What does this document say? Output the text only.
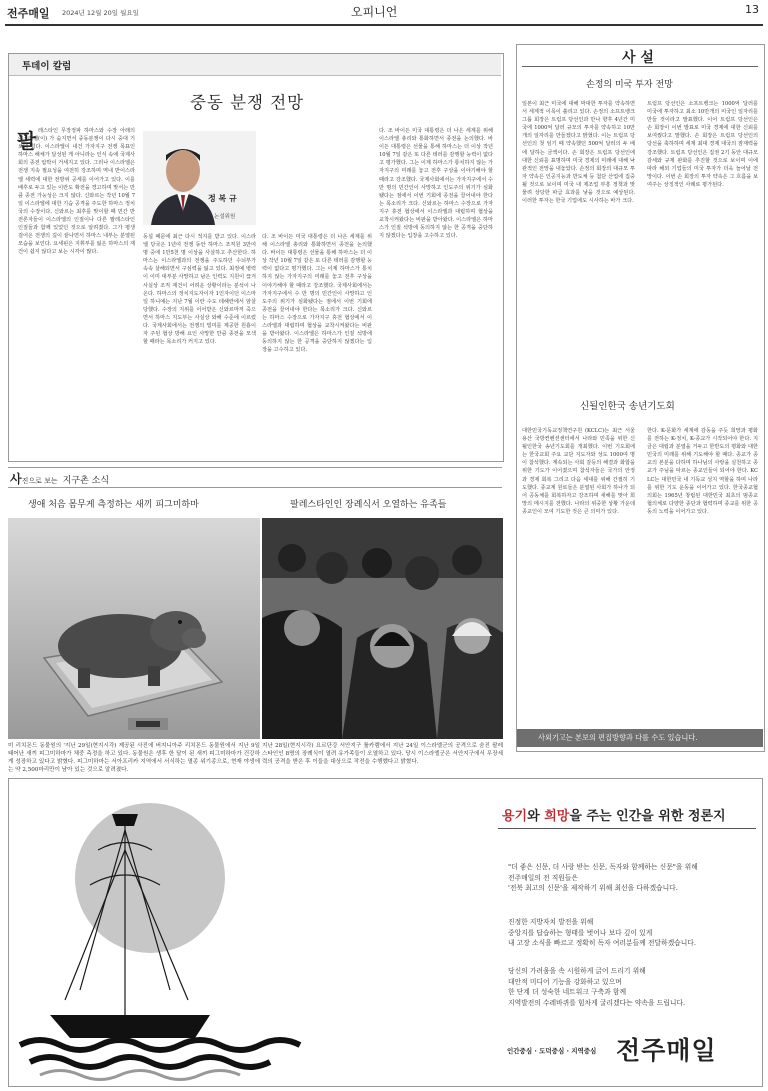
전주매일 2024년 12월 20일 월요일	오피니언	13
투데이 칼럼
중동 분쟁 전망
팔 레스타인 무장정파 하마스와 수장 아래의 이스라엘(이) 가 숨지면서 중동분쟁이 다시 중대 기로에 섰다. 이스라엘이 내건 가자지구 전쟁 목표인 하마스 해체가 달성된 게 아니라는 인식 속에 국제사회의 종전 압박이 거세지고 있다. 그러나 이스라엘은 전쟁 지속 필요성을 여전히 강조하며 역내 반이스라엘 세력에 대한 전방위 공세를 이어가고 있다. 이를 배후로 두고 있는 이란도 확전을 경고하며 맞서는 만큼 종전 가능성은 크지 않다. 신와르는 작년 10월 7일 이스라엘에 대한 기습 공격을 주도한 하마스 정치국의 수장이다. 신와르는 최후를 맞이할 때 민간 반전론자들이 이스라엘의 인질이나 다른 팔레스타인 인질들과 함께 있었던 것으로 알려졌다. 그가 평생 걸어온 전쟁의 길이 끝나면서 하마스 내부는 분열된 모습을 보인다. 요세핀은 지휘부를 잃은 하마스의 재건이 쉽지 않다고 보는 시각이 많다.
정 복 규
논설위원
동설 때문에 최근 다시 적지를 받고 있다. 이스라엘 당국은 1년여 전쟁 동안 하마스 조직원 3만여 명 중에 1만5천 명 이상을 사살하고 추산한다. 하마스는 이스라엘과의 전쟁을 주도하던 수뇌부가 속속 살해되면서 구심력을 잃고 있다. 최정예 병력이 이미 대부분 사망하고 남은 인력도 지원이 끊겨 사실상 조직 재건이 어려운 상황이라는 분석이 나온다. 하마스의 정치지도자이자 1인자이던 이스마일 하니예는 지난 7월 이란 수도 테헤란에서 암살당했다. 수장의 지위를 이어받은 신와르마저 죽으면서 하마스 지도부는 사실상 와해 수준에 이르렀다. 국제사회에서는 전쟁의 빌미를 제공한 원흉이자 주된 협상 방해 요인 사망한 만큼 종전을 모색할 때라는 목소리가 커지고 있다.
다. 조 바이든 미국 대통령은 더 나은 세계를 위해 이스라엘 총리와 통화하면서 종전을 논의했다. 바이든 대통령은 선물을 통해 하마스는 더 이상 작년 10월 7일 같은 또 다른 테러를 감행할 능력이 없다고 평가했다. 그는 이제 하마스가 통치하지 않는 가자지구의 미래를 놓고 전후 구상을 이야기해야 할 때라고 강조했다. 국제사회에서는 가자지구에서 수 만 명의 민간인이 사망하고 인도주의 위기가 심화됐다는 점에서 이번 기회에 종전을 끌어내야 한다는 목소리가 크다. 신와르는 하마스 수장으로 가자지구 휴전 협상에서 이스라엘과 대립하며 협상을 교착시켜왔다는 비판을 받아왔다. 이스라엘은 하마스가 인질 석방에 동의하지 않는 한 공격을 중단하지 않겠다는 입장을 고수하고 있다.
다. 조 바이든 미국 대통령은 더 나은 세계를 위해 이스라엘 총리와 통화하면서 종전을 논의했다. 바이든 대통령은 선물을 통해 하마스는 더 이상 작년 10월 7일 같은 또 다른 테러를 감행할 능력이 없다고 평가했다. 그는 이제 하마스가 통치하지 않는 가자지구의 미래를 놓고 전후 구상을 이야기해야 할 때라고 강조했다. 국제사회에서는 가자지구에서 수 만 명의 민간인이 사망하고 인도주의 위기가 심화됐다는 점에서 이번 기회에 종전을 끌어내야 한다는 목소리가 크다. 신와르는 하마스 수장으로 가자지구 휴전 협상에서 이스라엘과 대립하며 협상을 교착시켜왔다는 비판을 받아왔다. 이스라엘은 하마스가 인질 석방에 동의하지 않는 한 공격을 중단하지 않겠다는 입장을 고수하고 있다.
사 설
손정의 미국 투자 전망
일본이 최근 미국에 대해 막대한 투자를 약속하면서 세계적 이목이 쏠리고 있다. 손정의 소프트뱅크 그룹 회장은 트럼프 당선인과 만나 향후 4년간 미국에 1000억 달러 규모의 투자를 약속하고 10만 개의 일자리를 만들겠다고 밝혔다. 이는 트럼프 당선인의 첫 임기 때 약속했던 500억 달러의 두 배에 달하는 금액이다. 손 회장은 트럼프 당선인에 대한 신뢰를 표명하며 미국 경제의 미래에 대해 낙관적인 전망을 내놓았다. 손정의 회장의 대규모 투자 약속은 인공지능과 반도체 등 첨단 산업에 집중될 것으로 보이며 미국 내 제조업 부흥 정책과 맞물려 상당한 파급 효과를 낳을 것으로 예상된다. 이러한 투자는 한국 기업에도 시사하는 바가 크다.
트럼프 당선인은 소프트뱅크는 1000억 달러를 미국에 투자하고 최소 10만개의 미국인 일자리를 만들 것이라고 발표했다. 이어 트럼프 당선인은 손 회장이 이번 발표로 미국 경제에 대한 신뢰를 보여줬다고 말했다. 손 회장은 트럼프 당선인의 당선을 축하하며 세계 최대 경제 대국의 잠재력을 강조했다. 트럼프 당선인은 집권 2기 동안 대규모 감세와 규제 완화를 추진할 것으로 보이며 이에 따라 해외 기업들의 미국 투자가 더욱 늘어날 전망이다. 이번 손 회장의 투자 약속은 그 흐름을 보여주는 상징적인 사례로 평가된다.
신될인한국 송년기도회
대한민국기독교정책연구원 (KCLC)는 최근 서울 용산 국방컨벤션센터에서 나라와 민족을 위한 신될인한국 송년기도회를 개최했다. 이번 기도회에는 한국교회 주요 교단 지도자와 성도 1000여 명이 참석했다. 계속되는 사회 갈등의 해결과 화합을 위한 기도가 이어졌으며 참석자들은 국가의 안정과 경제 회복 그리고 다음 세대를 위해 간절히 기도했다. 종교계 원로들은 분열된 사회가 하나가 되어 공동체를 회복하자고 강조하며 새해를 맞아 희망의 메시지를 전했다. 나라의 위중한 상황 가운데 종교인이 모여 기도한 것은 큰 의미가 있다.
한다. K-문화가 세계에 감동을 주듯 희망과 평화를 전하는 K-정치, K-종교가 시작되어야 한다. 지금은 대립과 분열을 거두고 한반도의 평화와 대한민국의 미래를 위해 기도해야 할 때다. 종교가 종교의 본분을 다하며 하나님의 사랑을 실천하고 종교가 주님을 따르는 종교인들이 되어야 한다. KCLC는 대한민국 내 기독교 성지 역할을 하며 나라를 위한 기도 운동을 이어가고 있다. 한국종교협의회는 1965년 창립된 대한민국 최초의 범종교협의체로 다양한 종단과 협력하며 종교를 위한 공동의 노력을 이어가고 있다.
사외기고는 본보의 편집방향과 다를 수도 있습니다.
사진으로 보는 지구촌 소식
생애 처음 몸무게 측정하는 새끼 피그미하마
미 리치몬드 동물원의 '지난 29일(현지시각) 제공된 사진에 버지니아주 리치몬드 동물원에서 지난 9일 태어난 새끼 피그미하마가 체중 측정을 하고 있다. 동물원은 생후 한 달이 된 새끼 피그미하마가 건강하게 성장하고 있다고 밝혔다. 피그미하마는 서아프리카 지역에서 서식하는 멸종 위기종으로, 현재 야생에는 약 2,500마리만이 남아 있는 것으로 알려졌다.
팔레스타인인 장례식서 오열하는 유족들
지난 28일(현지시각) 요르단강 서안지구 툴카렘에서 지난 24일 이스라엘군의 공격으로 숨진 팔레스타인인 8명의 장례식이 열려 유가족들이 오열하고 있다. 당시 이스라엘군은 서안지구에서 무장세력의 공격을 받은 후 이들을 대상으로 작전을 수행했다고 밝혔다.
용기와 희망을 주는 인간을 위한 정론지
"더 좋은 신문, 더 사랑 받는 신문, 독자와 함께하는 신문"을 위해
전주매일의 전 직원들은
'전북 최고의 신문'을 제작하기 위해 최선을 다하겠습니다.
진정한 지방자치 발전을 위해
중앙지를 답습하는 형태를 벗어나 보다 깊이 있게
내 고장 소식을 빠르고 정확히 독자 여러분들께 전달하겠습니다.
당신의 가려움을 속 시원하게 긁어 드리기 위해
대안적 미디어 기능을 강화하고 있으며
한 단계 더 성숙한 네트워크 구축과 함께
지역발전의 수레바퀴를 힘차게 굴리겠다는 약속을 드립니다.
인간중심 · 도덕중심 · 지역중심 전주매일
